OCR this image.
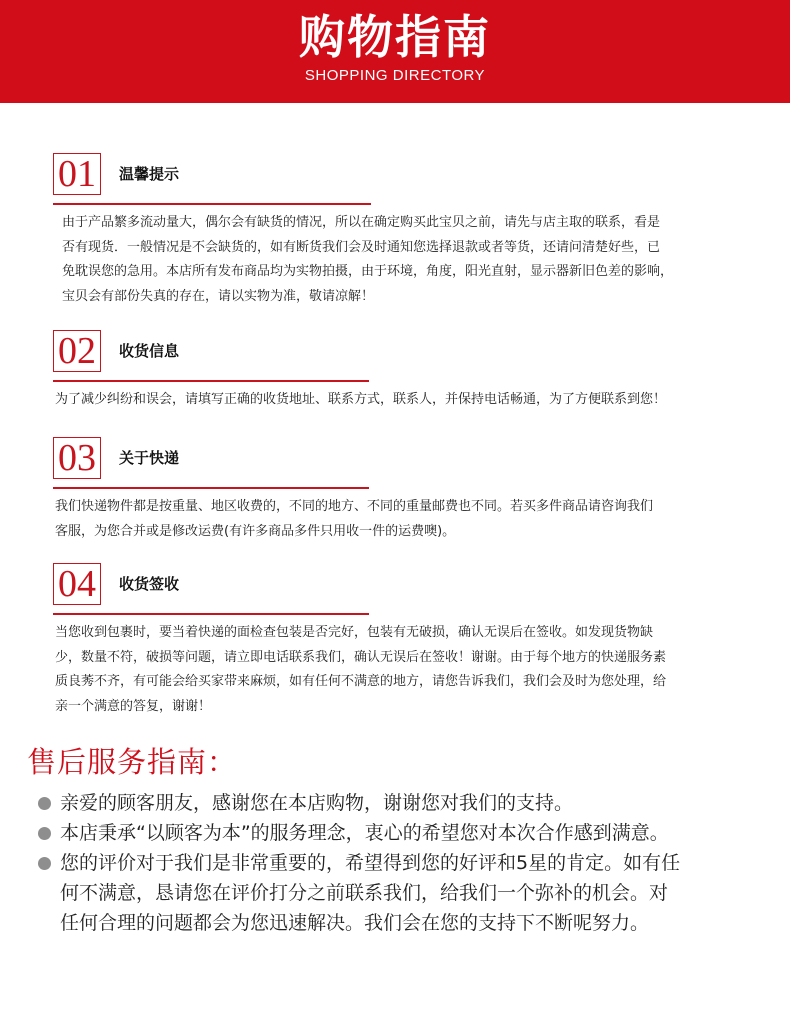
购物指南
SHOPPING DIRECTORY
01	温馨提示
由于产品繁多流动量大，偶尔会有缺货的情况，所以在确定购买此宝贝之前，请先与店主取的联系，看是
否有现货．一般情况是不会缺货的，如有断货我们会及时通知您选择退款或者等货，还请问清楚好些，已
免耽误您的急用。本店所有发布商品均为实物拍摄，由于环境，角度，阳光直射，显示器新旧色差的影响，
宝贝会有部份失真的存在，请以实物为准，敬请凉解！
02	收货信息
为了减少纠纷和误会，请填写正确的收货地址、联系方式，联系人，并保持电话畅通，为了方便联系到您！
03	关于快递
我们快递物件都是按重量、地区收费的，不同的地方、不同的重量邮费也不同。若买多件商品请咨询我们
客服，为您合并或是修改运费(有许多商品多件只用收一件的运费噢)。
04	收货签收
当您收到包裹时，要当着快递的面检查包装是否完好，包装有无破损，确认无误后在签收。如发现货物缺
少，数量不符，破损等问题，请立即电话联系我们，确认无误后在签收！谢谢。由于每个地方的快递服务素
质良莠不齐，有可能会给买家带来麻烦，如有任何不满意的地方，请您告诉我们，我们会及时为您处理，给
亲一个满意的答复，谢谢！
售后服务指南：
亲爱的顾客朋友，感谢您在本店购物，谢谢您对我们的支持。
本店秉承“以顾客为本”的服务理念，衷心的希望您对本次合作感到满意。
您的评价对于我们是非常重要的，希望得到您的好评和5星的肯定。如有任
何不满意，恳请您在评价打分之前联系我们，给我们一个弥补的机会。对
任何合理的问题都会为您迅速解决。我们会在您的支持下不断呢努力。
